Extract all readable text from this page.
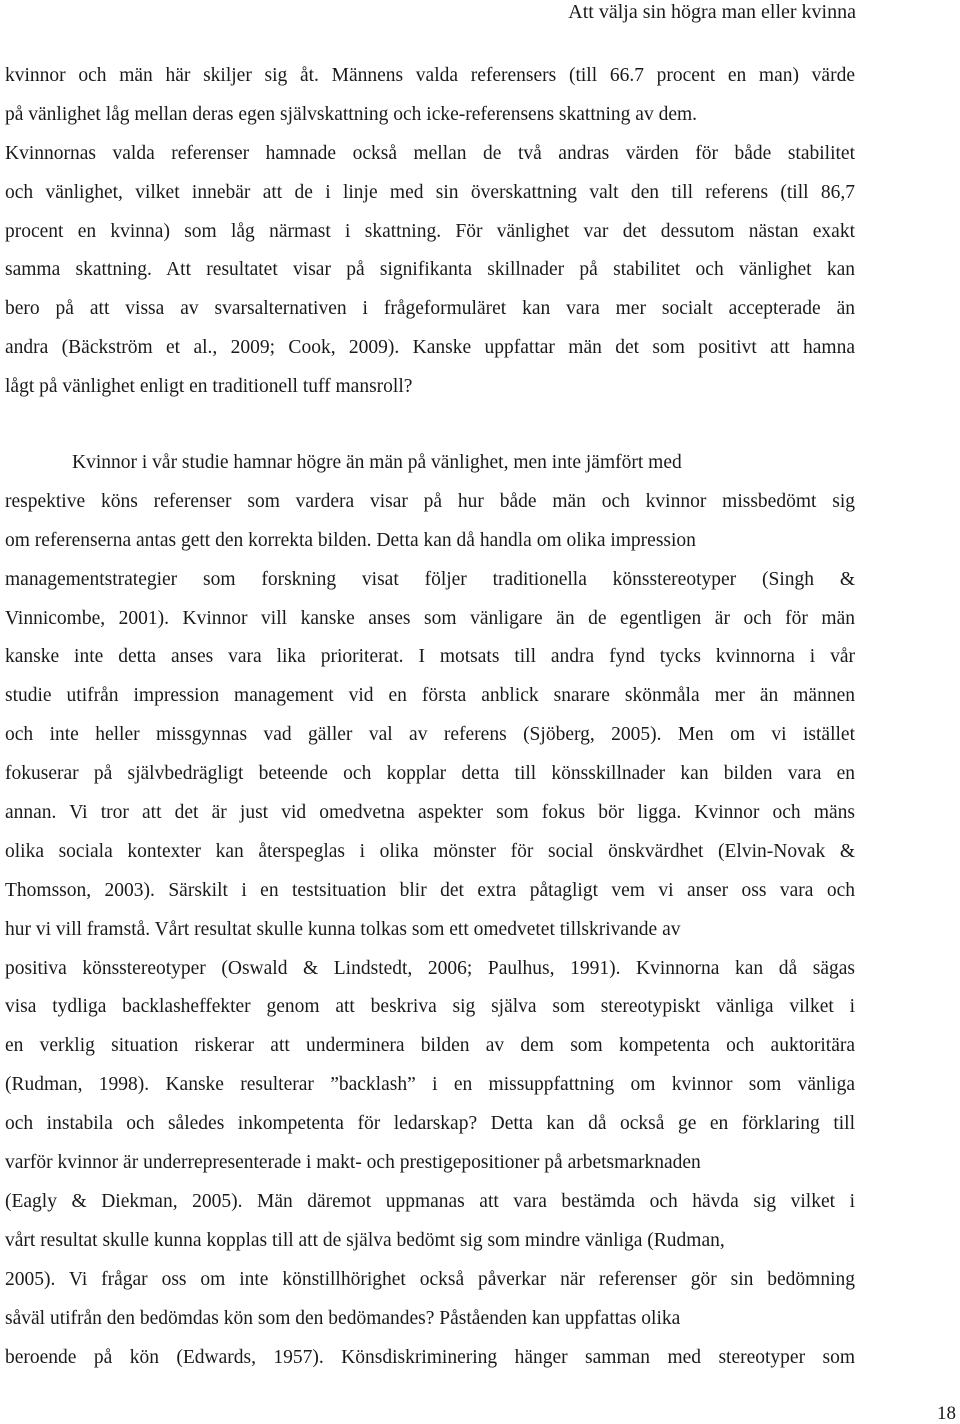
Att välja sin högra man eller kvinna
kvinnor och män här skiljer sig åt. Männens valda referensers (till 66.7 procent en man) värde
på vänlighet låg mellan deras egen självskattning och icke-referensens skattning av dem.
Kvinnornas valda referenser hamnade också mellan de två andras värden för både stabilitet
och vänlighet, vilket innebär att de i linje med sin överskattning valt den till referens (till 86,7
procent en kvinna) som låg närmast i skattning. För vänlighet var det dessutom nästan exakt
samma skattning. Att resultatet visar på signifikanta skillnader på stabilitet och vänlighet kan
bero på att vissa av svarsalternativen i frågeformuläret kan vara mer socialt accepterade än
andra (Bäckström et al., 2009; Cook, 2009). Kanske uppfattar män det som positivt att hamna
lågt på vänlighet enligt en traditionell tuff mansroll?
Kvinnor i vår studie hamnar högre än män på vänlighet, men inte jämfört med
respektive köns referenser som vardera visar på hur både män och kvinnor missbedömt sig
om referenserna antas gett den korrekta bilden. Detta kan då handla om olika impression
managementstrategier som forskning visat följer traditionella könsstereotyper (Singh &
Vinnicombe, 2001). Kvinnor vill kanske anses som vänligare än de egentligen är och för män
kanske inte detta anses vara lika prioriterat. I motsats till andra fynd tycks kvinnorna i vår
studie utifrån impression management vid en första anblick snarare skönmåla mer än männen
och inte heller missgynnas vad gäller val av referens (Sjöberg, 2005). Men om vi istället
fokuserar på självbedrägligt beteende och kopplar detta till könsskillnader kan bilden vara en
annan. Vi tror att det är just vid omedvetna aspekter som fokus bör ligga. Kvinnor och mäns
olika sociala kontexter kan återspeglas i olika mönster för social önskvärdhet (Elvin-Novak &
Thomsson, 2003). Särskilt i en testsituation blir det extra påtagligt vem vi anser oss vara och
hur vi vill framstå. Vårt resultat skulle kunna tolkas som ett omedvetet tillskrivande av
positiva könsstereotyper (Oswald & Lindstedt, 2006; Paulhus, 1991). Kvinnorna kan då sägas
visa tydliga backlasheffekter genom att beskriva sig själva som stereotypiskt vänliga vilket i
en verklig situation riskerar att underminera bilden av dem som kompetenta och auktoritära
(Rudman, 1998). Kanske resulterar ”backlash” i en missuppfattning om kvinnor som vänliga
och instabila och således inkompetenta för ledarskap? Detta kan då också ge en förklaring till
varför kvinnor är underrepresenterade i makt- och prestigepositioner på arbetsmarknaden
(Eagly & Diekman, 2005). Män däremot uppmanas att vara bestämda och hävda sig vilket i
vårt resultat skulle kunna kopplas till att de själva bedömt sig som mindre vänliga (Rudman,
2005). Vi frågar oss om inte könstillhörighet också påverkar när referenser gör sin bedömning
såväl utifrån den bedömdas kön som den bedömandes? Påståenden kan uppfattas olika
beroende på kön (Edwards, 1957). Könsdiskriminering hänger samman med stereotyper som
18
